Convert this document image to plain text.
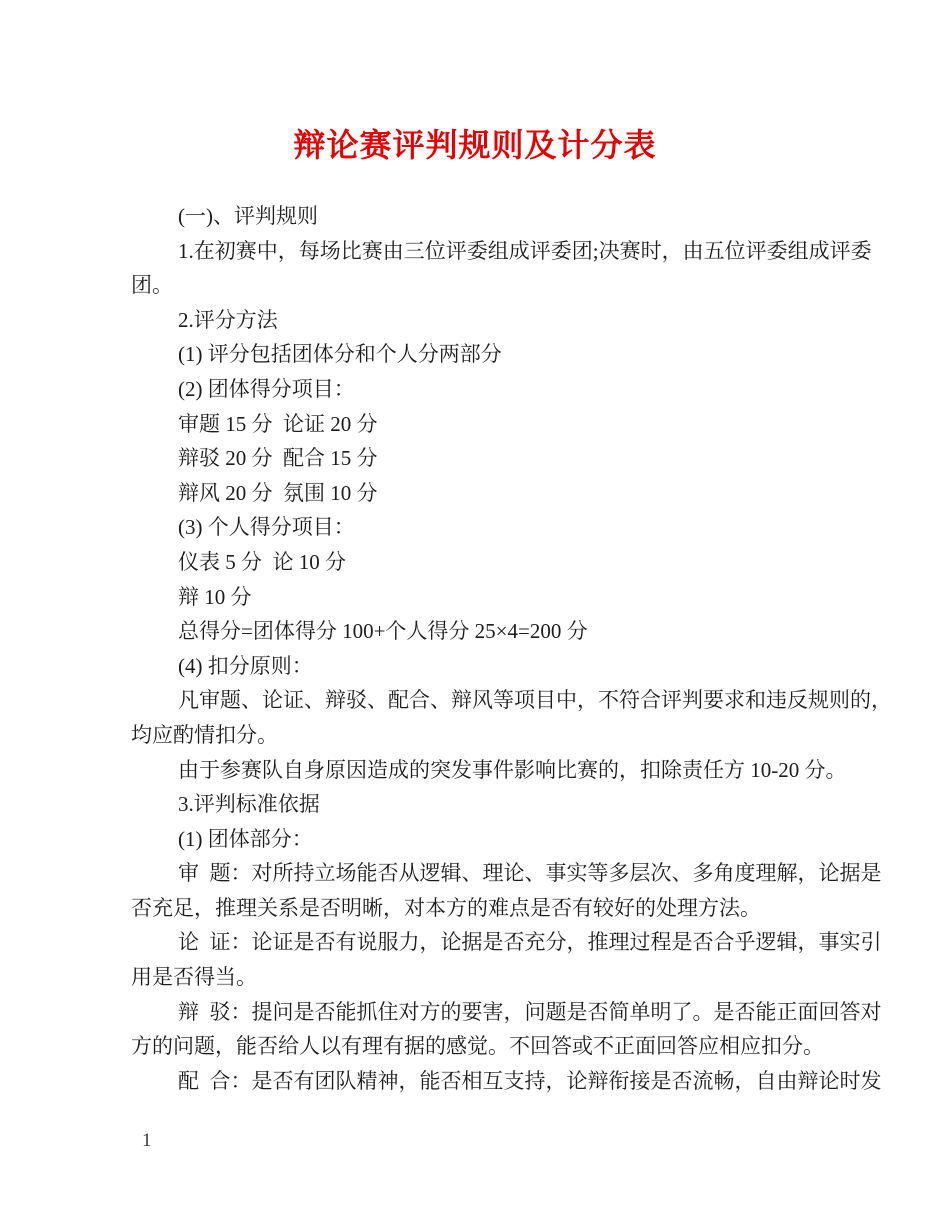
辩论赛评判规则及计分表
(一)、评判规则
1.在初赛中，每场比赛由三位评委组成评委团;决赛时，由五位评委组成评委
团。
2.评分方法
(1) 评分包括团体分和个人分两部分
(2) 团体得分项目：
审题 15 分  论证 20 分
辩驳 20 分  配合 15 分
辩风 20 分  氛围 10 分
(3) 个人得分项目：
仪表 5 分  论 10 分
辩 10 分
总得分=团体得分 100+个人得分 25×4=200 分
(4) 扣分原则：
凡审题、论证、辩驳、配合、辩风等项目中，不符合评判要求和违反规则的，
均应酌情扣分。
由于参赛队自身原因造成的突发事件影响比赛的，扣除责任方 10-20 分。
3.评判标准依据
(1) 团体部分：
审  题：对所持立场能否从逻辑、理论、事实等多层次、多角度理解，论据是
否充足，推理关系是否明晰，对本方的难点是否有较好的处理方法。
论  证：论证是否有说服力，论据是否充分，推理过程是否合乎逻辑，事实引
用是否得当。
辩  驳：提问是否能抓住对方的要害，问题是否简单明了。是否能正面回答对
方的问题，能否给人以有理有据的感觉。不回答或不正面回答应相应扣分。
配  合：是否有团队精神，能否相互支持，论辩衔接是否流畅，自由辩论时发
1
